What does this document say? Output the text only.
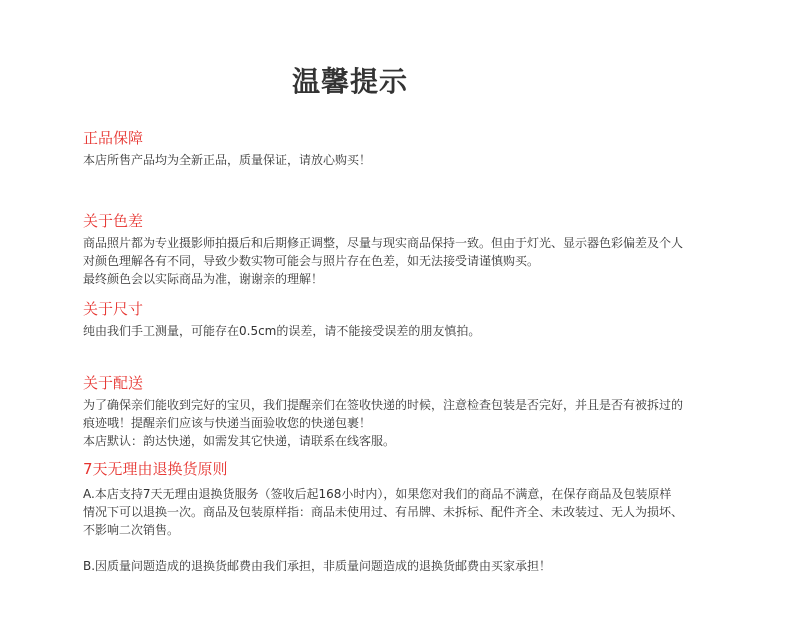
温馨提示
正品保障
本店所售产品均为全新正品，质量保证，请放心购买！
关于色差
商品照片都为专业摄影师拍摄后和后期修正调整，尽量与现实商品保持一致。但由于灯光、显示器色彩偏差及个人
对颜色理解各有不同，导致少数实物可能会与照片存在色差，如无法接受请谨慎购买。
最终颜色会以实际商品为准，谢谢亲的理解！
关于尺寸
纯由我们手工测量，可能存在0.5cm的误差，请不能接受误差的朋友慎拍。
关于配送
为了确保亲们能收到完好的宝贝，我们提醒亲们在签收快递的时候，注意检查包装是否完好，并且是否有被拆过的
痕迹哦！提醒亲们应该与快递当面验收您的快递包裹！
本店默认：韵达快递，如需发其它快递，请联系在线客服。
7天无理由退换货原则
A.本店支持7天无理由退换货服务（签收后起168小时内），如果您对我们的商品不满意，在保存商品及包装原样
情况下可以退换一次。商品及包装原样指：商品未使用过、有吊牌、未拆标、配件齐全、未改装过、无人为损坏、
不影响二次销售。
B.因质量问题造成的退换货邮费由我们承担，非质量问题造成的退换货邮费由买家承担！
